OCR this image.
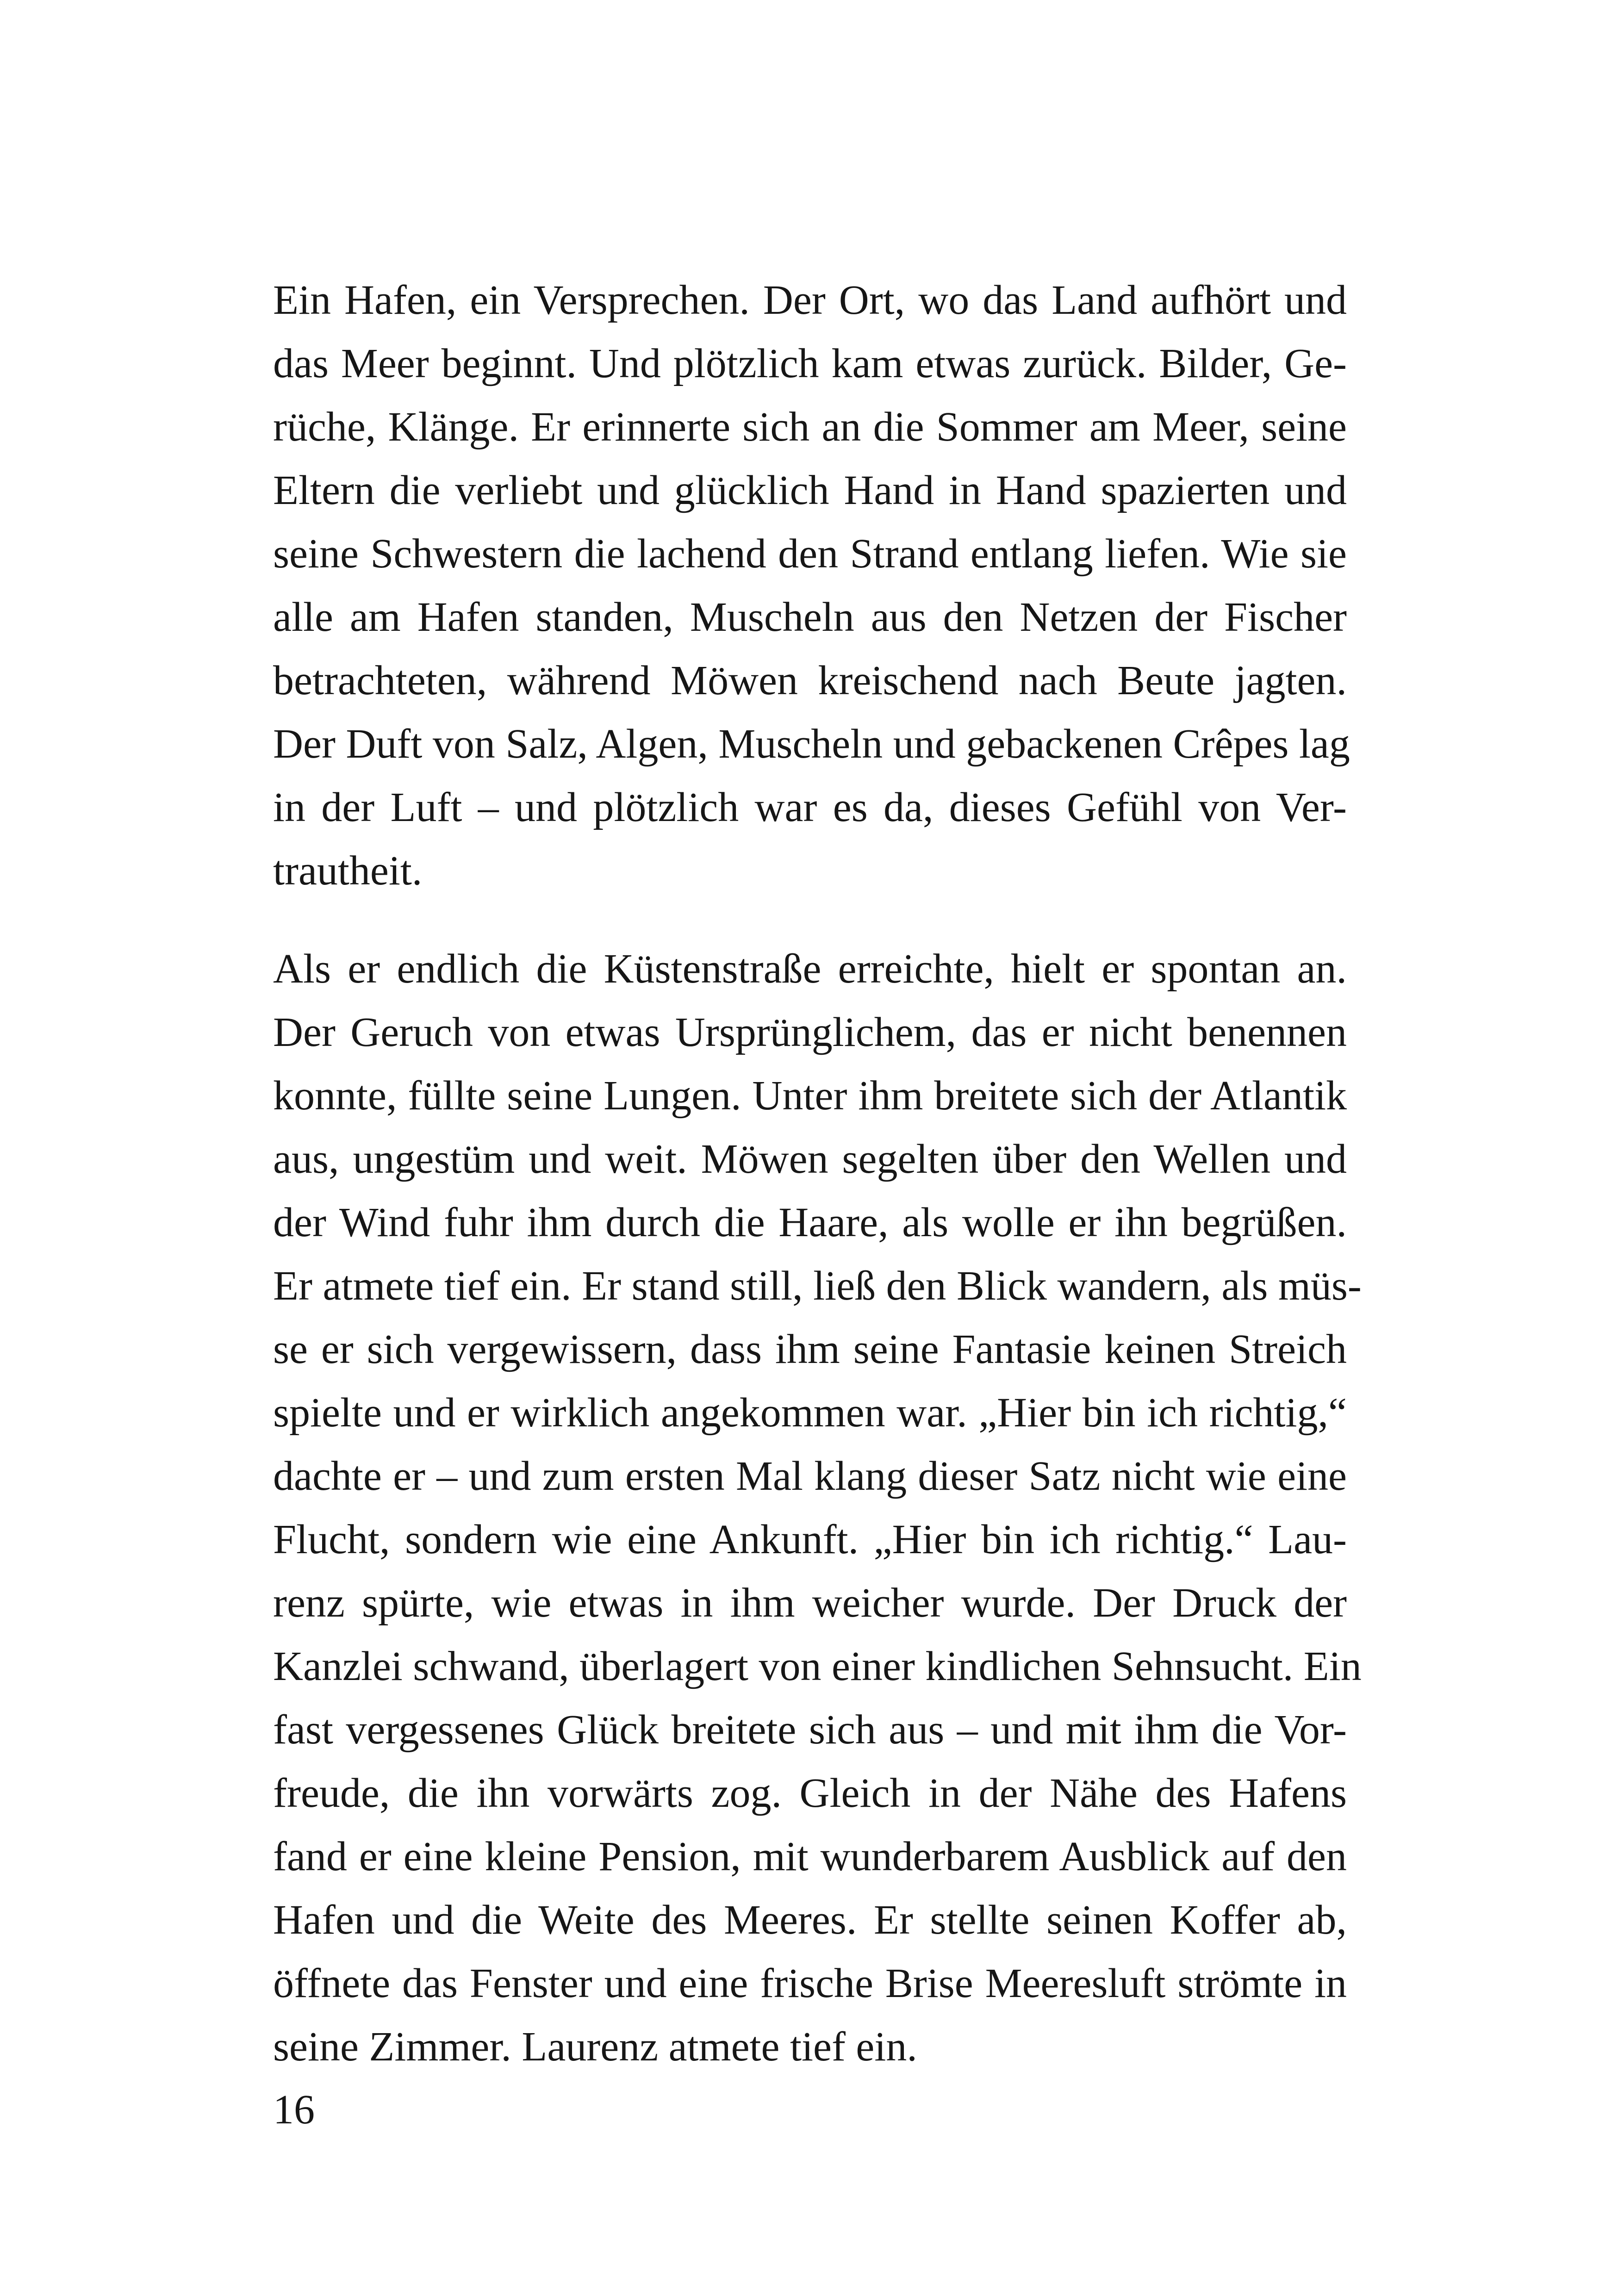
Ein Hafen, ein Versprechen. Der Ort, wo das Land aufhört und
das Meer beginnt. Und plötzlich kam etwas zurück. Bilder, Ge-
rüche, Klänge. Er erinnerte sich an die Sommer am Meer, seine
Eltern die verliebt und glücklich Hand in Hand spazierten und
seine Schwestern die lachend den Strand entlang liefen. Wie sie
alle am Hafen standen, Muscheln aus den Netzen der Fischer
betrachteten, während Möwen kreischend nach Beute jagten.
Der Duft von Salz, Algen, Muscheln und gebackenen Crêpes lag
in der Luft – und plötzlich war es da, dieses Gefühl von Ver-
trautheit.
Als er endlich die Küstenstraße erreichte, hielt er spontan an.
Der Geruch von etwas Ursprünglichem, das er nicht benennen
konnte, füllte seine Lungen. Unter ihm breitete sich der Atlantik
aus, ungestüm und weit. Möwen segelten über den Wellen und
der Wind fuhr ihm durch die Haare, als wolle er ihn begrüßen.
Er atmete tief ein. Er stand still, ließ den Blick wandern, als müs-
se er sich vergewissern, dass ihm seine Fantasie keinen Streich
spielte und er wirklich angekommen war. „Hier bin ich richtig,“
dachte er – und zum ersten Mal klang dieser Satz nicht wie eine
Flucht, sondern wie eine Ankunft. „Hier bin ich richtig.“ Lau-
renz spürte, wie etwas in ihm weicher wurde. Der Druck der
Kanzlei schwand, überlagert von einer kindlichen Sehnsucht. Ein
fast vergessenes Glück breitete sich aus – und mit ihm die Vor-
freude, die ihn vorwärts zog. Gleich in der Nähe des Hafens
fand er eine kleine Pension, mit wunderbarem Ausblick auf den
Hafen und die Weite des Meeres. Er stellte seinen Koffer ab,
öffnete das Fenster und eine frische Brise Meeresluft strömte in
seine Zimmer. Laurenz atmete tief ein.
16
